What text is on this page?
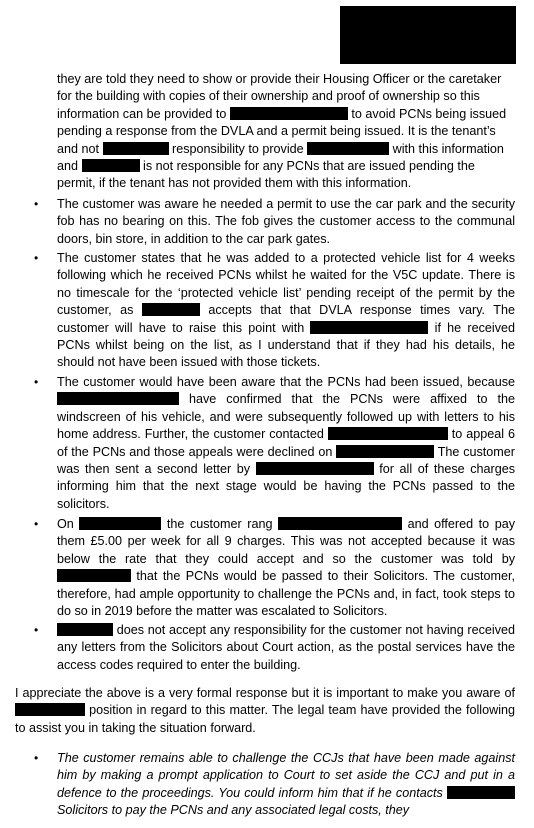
they are told they need to show or provide their Housing Officer or the caretaker for the building with copies of their ownership and proof of ownership so this information can be provided to	to avoid PCNs being issued pending a response from the DVLA and a permit being issued. It is the tenant’s and not	responsibility to provide	with this information and	is not responsible for any PCNs that are issued pending the permit, if the tenant has not provided them with this information.

• The customer was aware he needed a permit to use the car park and the security fob has no bearing on this. The fob gives the customer access to the communal doors, bin store, in addition to the car park gates.

• The customer states that he was added to a protected vehicle list for 4 weeks following which he received PCNs whilst he waited for the V5C update. There is no timescale for the ‘protected vehicle list’ pending receipt of the permit by the customer, as	accepts that that DVLA response times vary. The customer will have to raise this point with	if he received PCNs whilst being on the list, as I understand that if they had his details, he should not have been issued with those tickets.

• The customer would have been aware that the PCNs had been issued, because  have confirmed that the PCNs were affixed to the windscreen of his vehicle, and were subsequently followed up with letters to his home address. Further, the customer contacted	to appeal 6 of the PCNs and those appeals were declined on	The customer was then sent a second letter by	for all of these charges informing him that the next stage would be having the PCNs passed to the solicitors.

• On	the customer rang	and offered to pay them £5.00 per week for all 9 charges. This was not accepted because it was below the rate that they could accept and so the customer was told by  that the PCNs would be passed to their Solicitors. The customer, therefore, had ample opportunity to challenge the PCNs and, in fact, took steps to do so in 2019 before the matter was escalated to Solicitors.

•	does not accept any responsibility for the customer not having received any letters from the Solicitors about Court action, as the postal services have the access codes required to enter the building.

I appreciate the above is a very formal response but it is important to make you aware of  position in regard to this matter. The legal team have provided the following to assist you in taking the situation forward.

• The customer remains able to challenge the CCJs that have been made against him by making a prompt application to Court to set aside the CCJ and put in a defence to the proceedings. You could inform him that if he contacts  Solicitors to pay the PCNs and any associated legal costs, they
